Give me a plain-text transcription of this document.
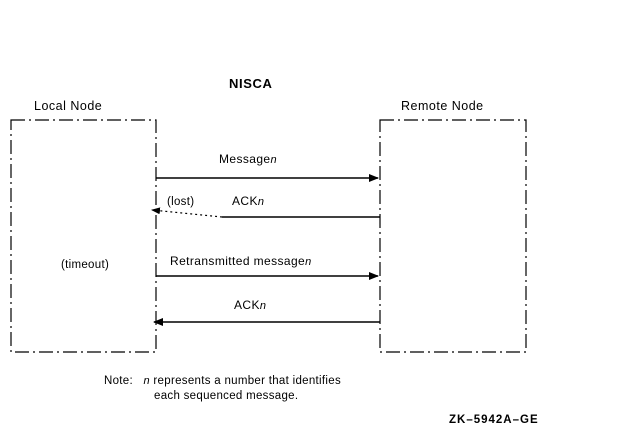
NISCA
Local Node	Remote Node
Messagen
(lost)	ACKn
(timeout)	Retransmitted messagen
ACKn
Note: n represents a number that identifies
each sequenced message.
ZK–5942A–GE
